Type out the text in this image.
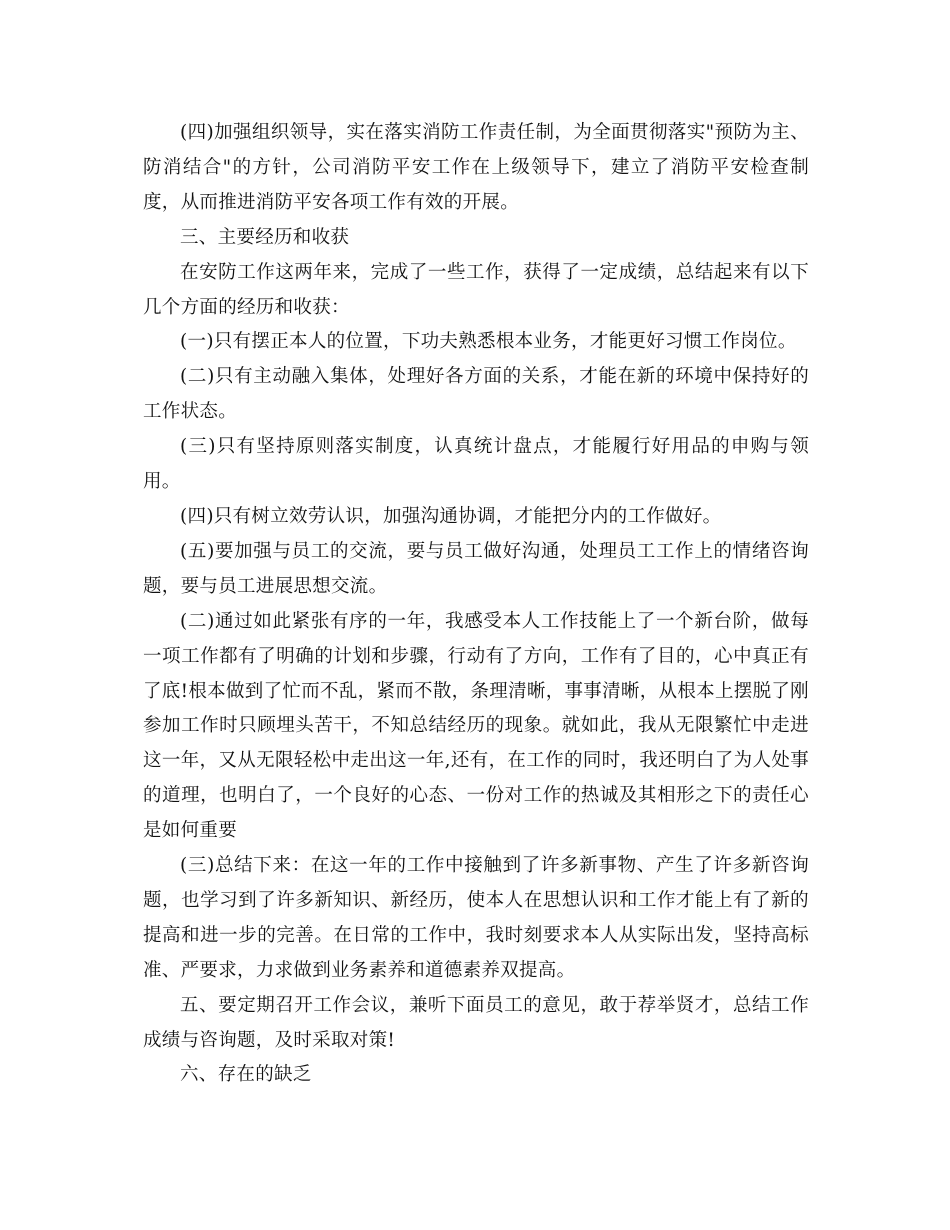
(四)加强组织领导，实在落实消防工作责任制，为全面贯彻落实"预防为主、防消结合"的方针，公司消防平安工作在上级领导下，建立了消防平安检查制度，从而推进消防平安各项工作有效的开展。

三、主要经历和收获

在安防工作这两年来，完成了一些工作，获得了一定成绩，总结起来有以下几个方面的经历和收获：

(一)只有摆正本人的位置，下功夫熟悉根本业务，才能更好习惯工作岗位。

(二)只有主动融入集体，处理好各方面的关系，才能在新的环境中保持好的工作状态。

(三)只有坚持原则落实制度，认真统计盘点，才能履行好用品的申购与领用。

(四)只有树立效劳认识，加强沟通协调，才能把分内的工作做好。

(五)要加强与员工的交流，要与员工做好沟通，处理员工工作上的情绪咨询题，要与员工进展思想交流。

(二)通过如此紧张有序的一年，我感受本人工作技能上了一个新台阶，做每一项工作都有了明确的计划和步骤，行动有了方向，工作有了目的，心中真正有了底!根本做到了忙而不乱，紧而不散，条理清晰，事事清晰，从根本上摆脱了刚参加工作时只顾埋头苦干，不知总结经历的现象。就如此，我从无限繁忙中走进这一年，又从无限轻松中走出这一年,还有，在工作的同时，我还明白了为人处事的道理，也明白了，一个良好的心态、一份对工作的热诚及其相形之下的责任心是如何重要

(三)总结下来：在这一年的工作中接触到了许多新事物、产生了许多新咨询题，也学习到了许多新知识、新经历，使本人在思想认识和工作才能上有了新的提高和进一步的完善。在日常的工作中，我时刻要求本人从实际出发，坚持高标准、严要求，力求做到业务素养和道德素养双提高。

五、要定期召开工作会议，兼听下面员工的意见，敢于荐举贤才，总结工作成绩与咨询题，及时采取对策!

六、存在的缺乏
